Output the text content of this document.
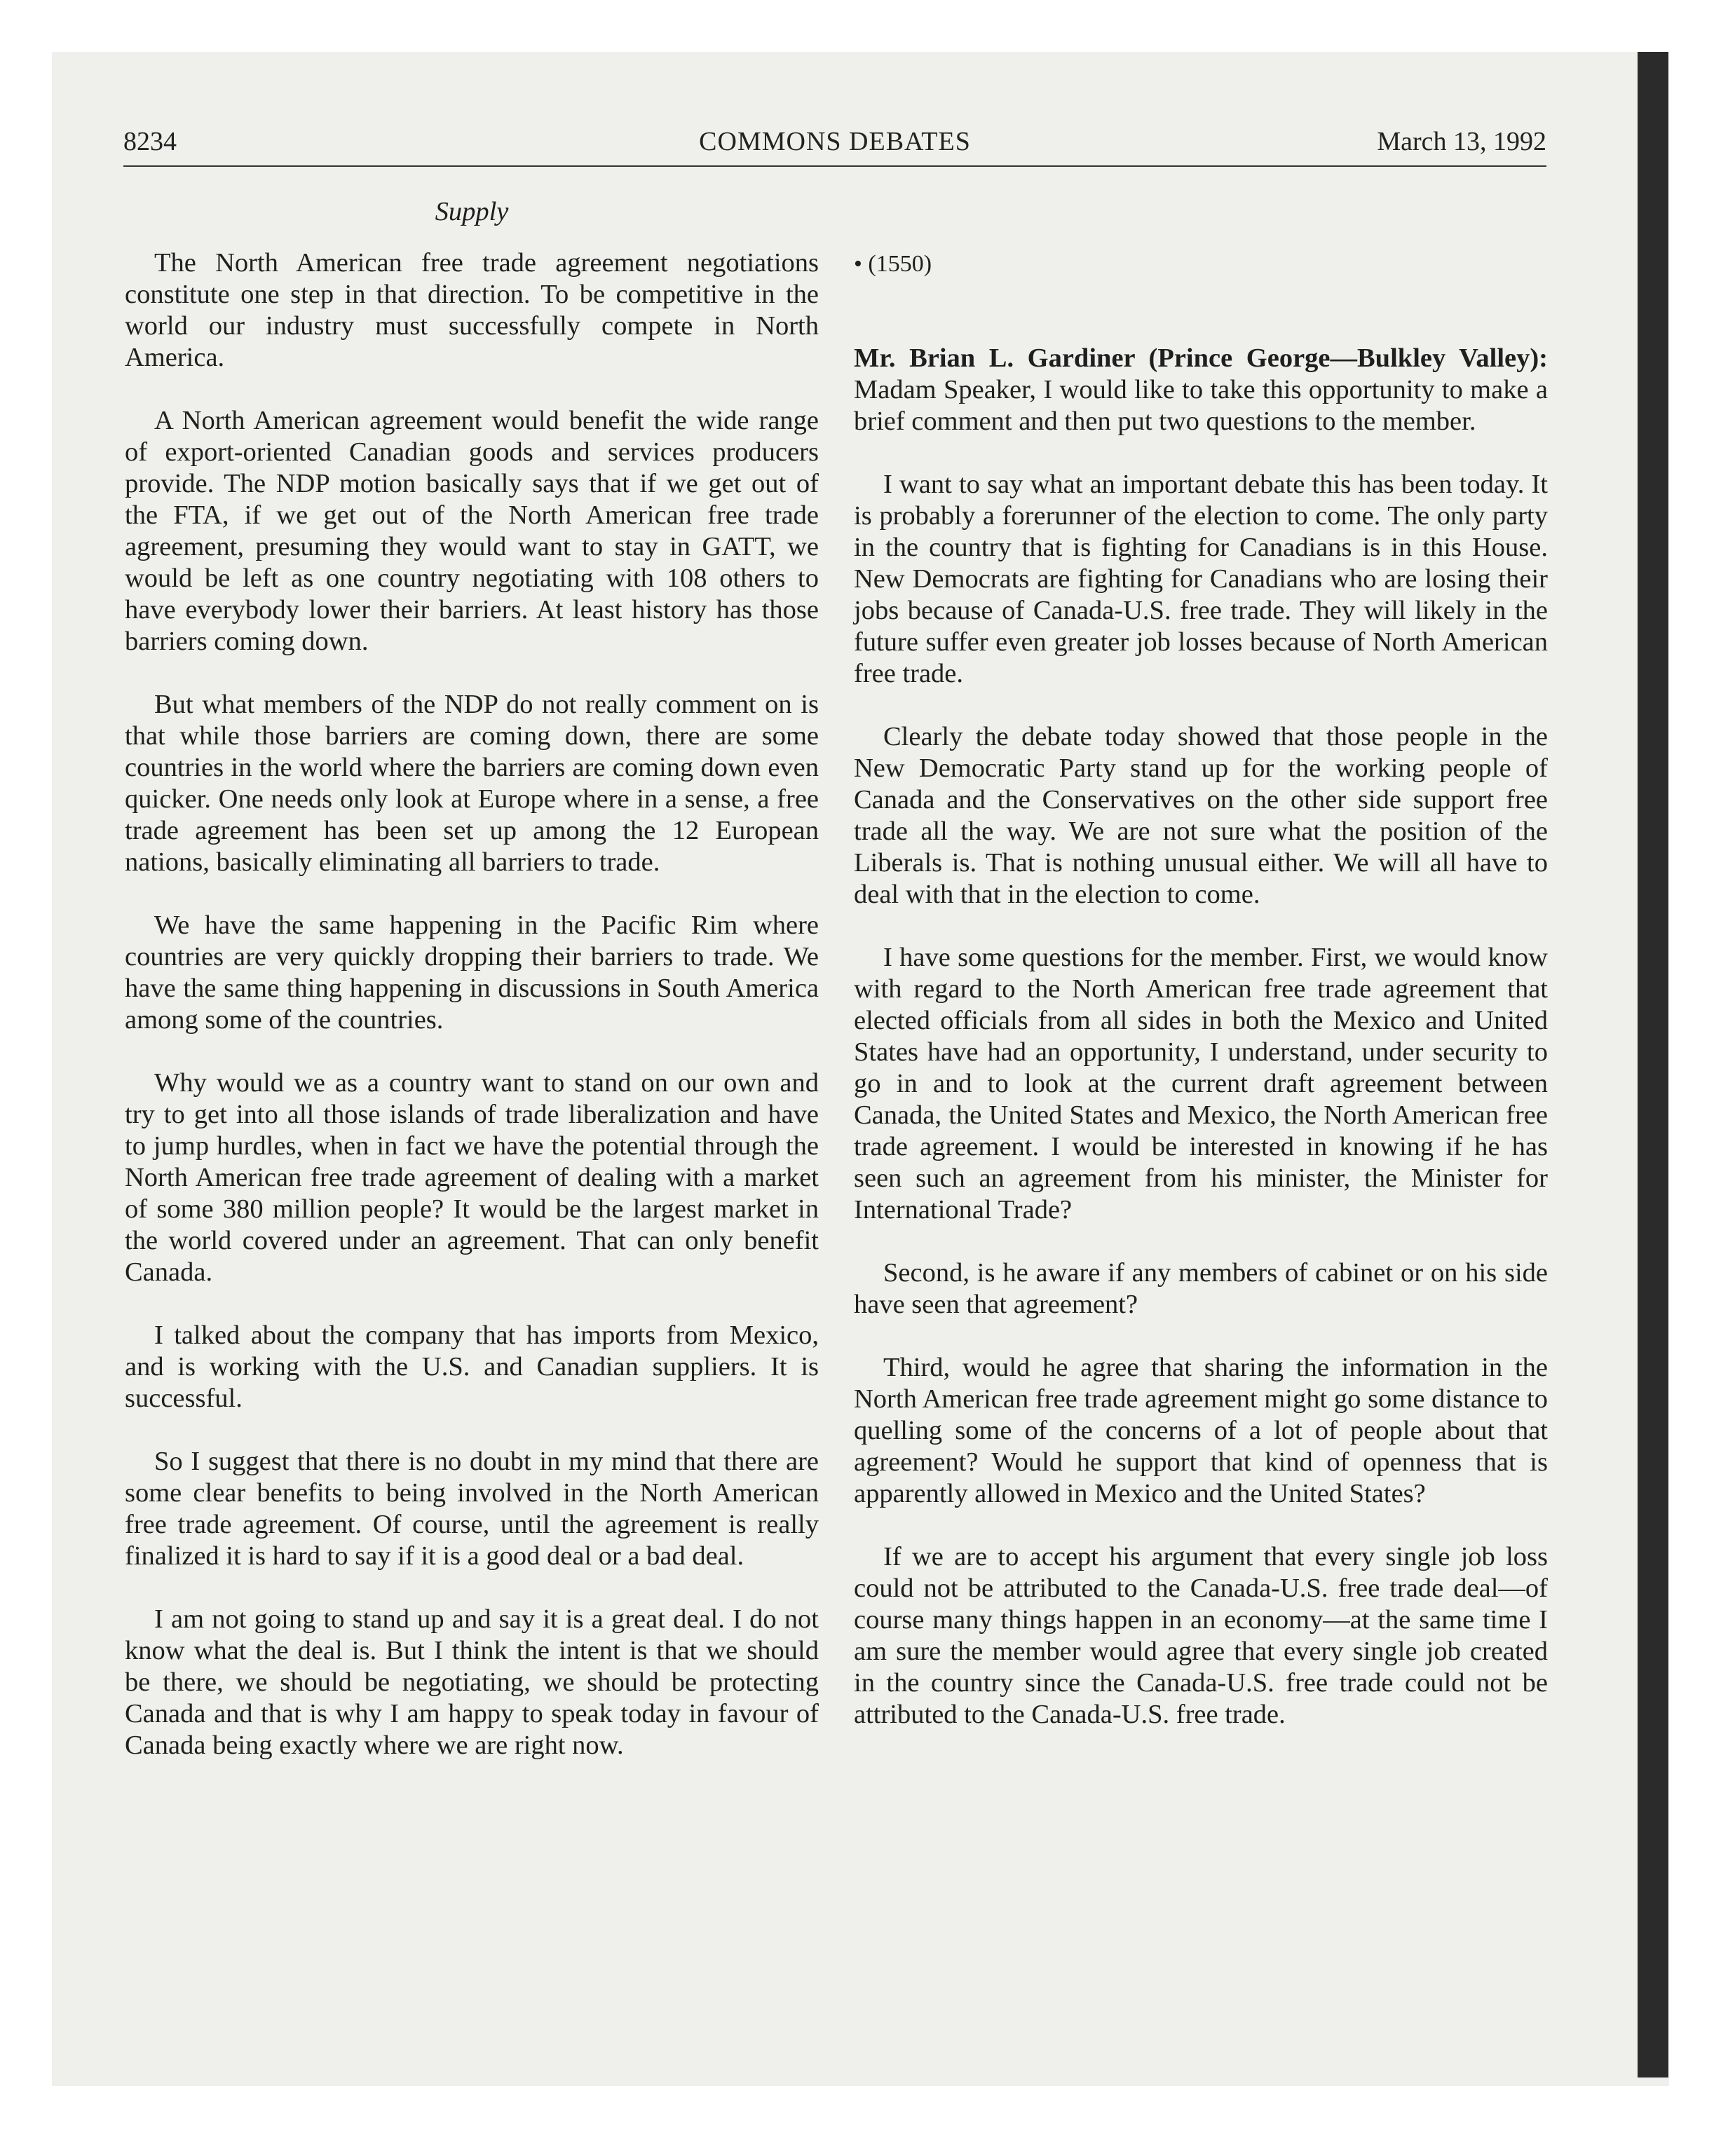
8234	COMMONS DEBATES	March 13, 1992
Supply

The North American free trade agreement negotiations constitute one step in that direction. To be competitive in the world our industry must successfully compete in North America.

A North American agreement would benefit the wide range of export-oriented Canadian goods and services producers provide. The NDP motion basically says that if we get out of the FTA, if we get out of the North American free trade agreement, presuming they would want to stay in GATT, we would be left as one country negotiating with 108 others to have everybody lower their barriers. At least history has those barriers coming down.

But what members of the NDP do not really comment on is that while those barriers are coming down, there are some countries in the world where the barriers are coming down even quicker. One needs only look at Europe where in a sense, a free trade agreement has been set up among the 12 European nations, basically eliminating all barriers to trade.

We have the same happening in the Pacific Rim where countries are very quickly dropping their barriers to trade. We have the same thing happening in discussions in South America among some of the countries.

Why would we as a country want to stand on our own and try to get into all those islands of trade liberalization and have to jump hurdles, when in fact we have the potential through the North American free trade agreement of dealing with a market of some 380 million people? It would be the largest market in the world covered under an agreement. That can only benefit Canada.

I talked about the company that has imports from Mexico, and is working with the U.S. and Canadian suppliers. It is successful.

So I suggest that there is no doubt in my mind that there are some clear benefits to being involved in the North American free trade agreement. Of course, until the agreement is really finalized it is hard to say if it is a good deal or a bad deal.

I am not going to stand up and say it is a great deal. I do not know what the deal is. But I think the intent is that we should be there, we should be negotiating, we should be protecting Canada and that is why I am happy to speak today in favour of Canada being exactly where we are right now.

• (1550)

Mr. Brian L. Gardiner (Prince George—Bulkley Valley): Madam Speaker, I would like to take this opportunity to make a brief comment and then put two questions to the member.

I want to say what an important debate this has been today. It is probably a forerunner of the election to come. The only party in the country that is fighting for Canadians is in this House. New Democrats are fighting for Canadians who are losing their jobs because of Canada-U.S. free trade. They will likely in the future suffer even greater job losses because of North American free trade.

Clearly the debate today showed that those people in the New Democratic Party stand up for the working people of Canada and the Conservatives on the other side support free trade all the way. We are not sure what the position of the Liberals is. That is nothing unusual either. We will all have to deal with that in the election to come.

I have some questions for the member. First, we would know with regard to the North American free trade agreement that elected officials from all sides in both the Mexico and United States have had an opportunity, I understand, under security to go in and to look at the current draft agreement between Canada, the United States and Mexico, the North American free trade agreement. I would be interested in knowing if he has seen such an agreement from his minister, the Minister for International Trade?

Second, is he aware if any members of cabinet or on his side have seen that agreement?

Third, would he agree that sharing the information in the North American free trade agreement might go some distance to quelling some of the concerns of a lot of people about that agreement? Would he support that kind of openness that is apparently allowed in Mexico and the United States?

If we are to accept his argument that every single job loss could not be attributed to the Canada-U.S. free trade deal—of course many things happen in an economy—at the same time I am sure the member would agree that every single job created in the country since the Canada-U.S. free trade could not be attributed to the Canada-U.S. free trade.
